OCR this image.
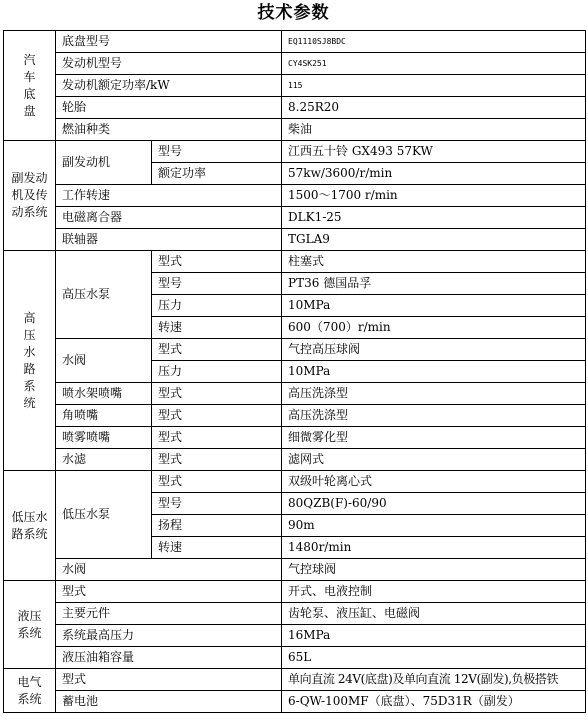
技术参数
汽车底盘	底盘型号		EQ1110SJ8BDC
	发动机型号		CY4SK251
	发动机额定功率/kW		115
	轮胎		8.25R20
	燃油种类		柴油
副发动机及传动系统	副发动机	型号	江西五十铃 GX493 57KW
		额定功率	57kw/3600/r/min
	工作转速		1500～1700 r/min
	电磁离合器		DLK1-25
	联轴器		TGLA9
高压水路系统	高压水泵	型式	柱塞式
		型号	PT36 德国品孚
		压力	10MPa
		转速	600（700）r/min
	水阀	型式	气控高压球阀
		压力	10MPa
	喷水架喷嘴	型式	高压洗涤型
	角喷嘴	型式	高压洗涤型
	喷雾喷嘴	型式	细微雾化型
	水滤	型式	滤网式
低压水路系统	低压水泵	型式	双级叶轮离心式
		型号	80QZB(F)-60/90
		扬程	90m
		转速	1480r/min
	水阀		气控球阀
液压系统	型式		开式、电液控制
	主要元件		齿轮泵、液压缸、电磁阀
	系统最高压力		16MPa
	液压油箱容量		65L
电气系统	型式		单向直流 24V(底盘)及单向直流 12V(副发),负极搭铁
	蓄电池		6-QW-100MF（底盘）、75D31R（副发）
